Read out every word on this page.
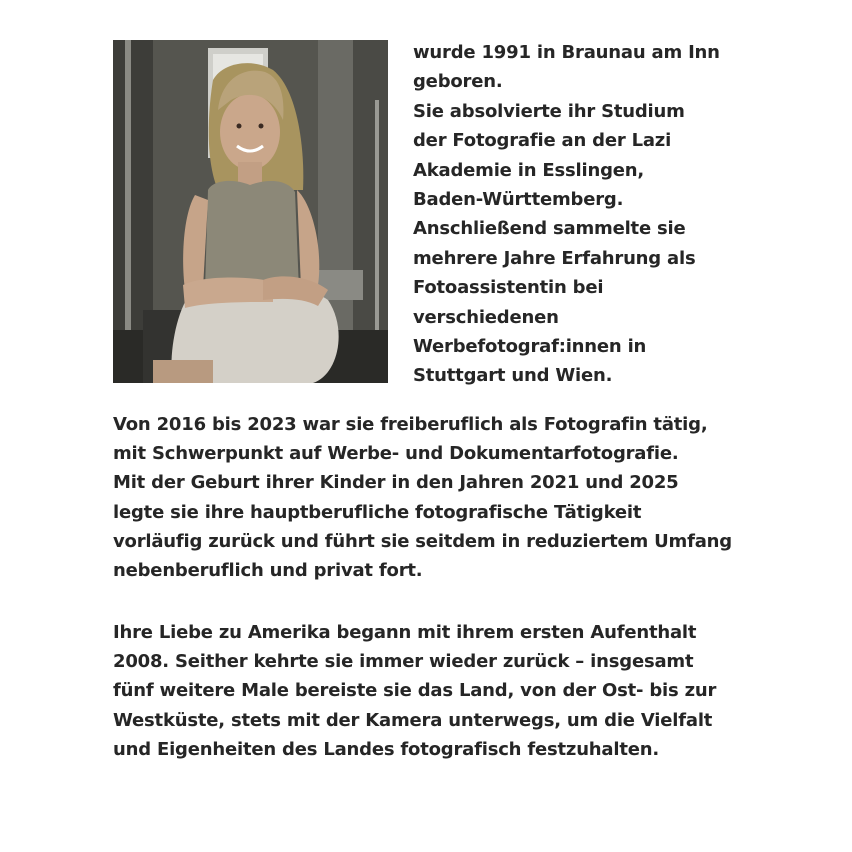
wurde 1991 in Braunau am Inn
geboren.
Sie absolvierte ihr Studium
der Fotografie an der Lazi
Akademie in Esslingen,
Baden-Württemberg.
Anschließend sammelte sie
mehrere Jahre Erfahrung als
Fotoassistentin bei
verschiedenen
Werbefotograf:innen in
Stuttgart und Wien.

Von 2016 bis 2023 war sie freiberuflich als Fotografin tätig,
mit Schwerpunkt auf Werbe- und Dokumentarfotografie.
Mit der Geburt ihrer Kinder in den Jahren 2021 und 2025
legte sie ihre hauptberufliche fotografische Tätigkeit
vorläufig zurück und führt sie seitdem in reduziertem Umfang
nebenberuflich und privat fort.

Ihre Liebe zu Amerika begann mit ihrem ersten Aufenthalt
2008. Seither kehrte sie immer wieder zurück – insgesamt
fünf weitere Male bereiste sie das Land, von der Ost- bis zur
Westküste, stets mit der Kamera unterwegs, um die Vielfalt
und Eigenheiten des Landes fotografisch festzuhalten.
